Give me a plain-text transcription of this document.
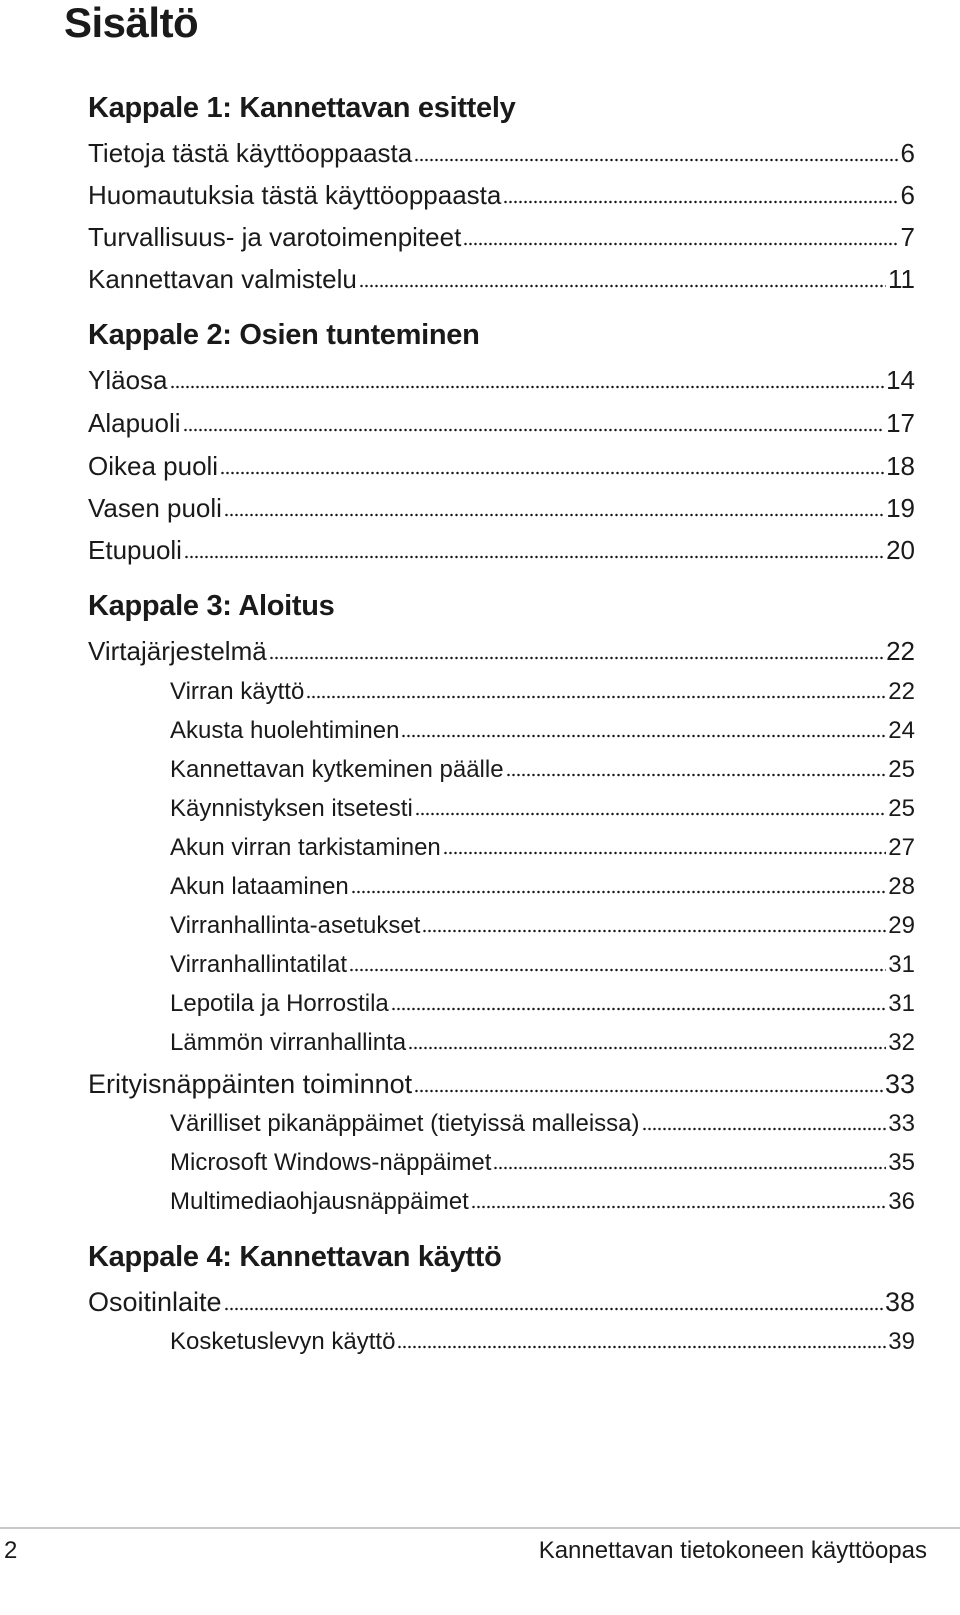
Sisältö
Kappale 1: Kannettavan esittely
Tietoja tästä käyttöoppaasta	6
Huomautuksia tästä käyttöoppaasta	6
Turvallisuus- ja varotoimenpiteet	7
Kannettavan valmistelu	11
Kappale 2: Osien tunteminen
Yläosa	14
Alapuoli	17
Oikea puoli	18
Vasen puoli	19
Etupuoli	20
Kappale 3: Aloitus
Virtajärjestelmä	22
Virran käyttö	22
Akusta huolehtiminen	24
Kannettavan kytkeminen päälle	25
Käynnistyksen itsetesti	25
Akun virran tarkistaminen	27
Akun lataaminen	28
Virranhallinta-asetukset	29
Virranhallintatilat	31
Lepotila ja Horrostila	31
Lämmön virranhallinta	32
Erityisnäppäinten toiminnot	33
Värilliset pikanäppäimet (tietyissä malleissa)	33
Microsoft Windows-näppäimet	35
Multimediaohjausnäppäimet	36
Kappale 4: Kannettavan käyttö
Osoitinlaite	38
Kosketuslevyn käyttö	39
2	Kannettavan tietokoneen käyttöopas
